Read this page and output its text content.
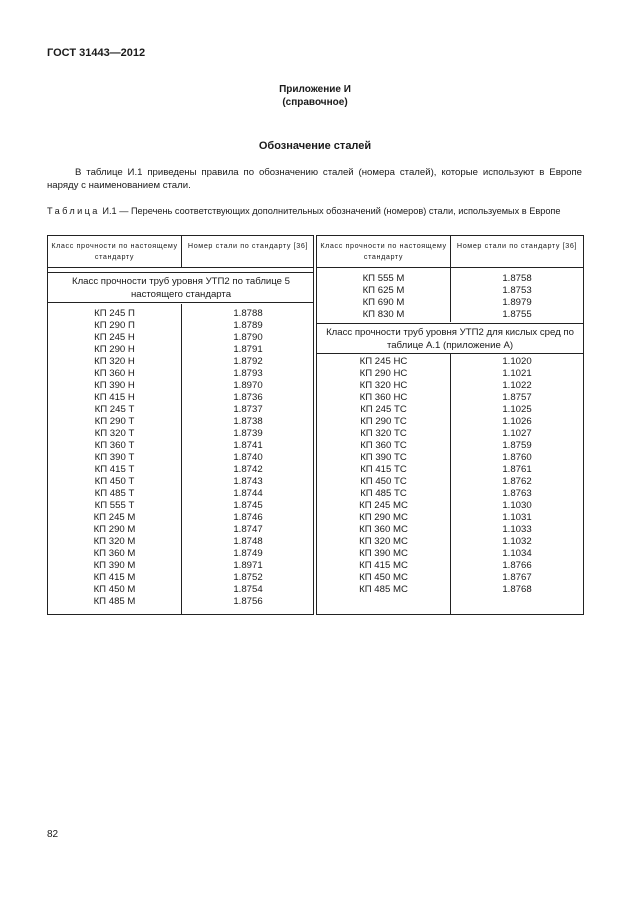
ГОСТ 31443—2012
Приложение И
(справочное)
Обозначение сталей

В таблице И.1 приведены правила по обозначению сталей (номера сталей), которые используют в Европе наряду с наименованием стали.

Таблица И.1 — Перечень соответствующих дополнительных обозначений (номеров) стали, используемых в Европе

Класс прочности по настоящему стандарту
Номер стали по стандарту [36]
Класс прочности труб уровня УТП2 по таблице 5 настоящего стандарта
КП 245 П	1.8788
КП 290 П	1.8789
КП 245 Н	1.8790
КП 290 Н	1.8791
КП 320 Н	1.8792
КП 360 Н	1.8793
КП 390 Н	1.8970
КП 415 Н	1.8736
КП 245 Т	1.8737
КП 290 Т	1.8738
КП 320 Т	1.8739
КП 360 Т	1.8741
КП 390 Т	1.8740
КП 415 Т	1.8742
КП 450 Т	1.8743
КП 485 Т	1.8744
КП 555 Т	1.8745
КП 245 М	1.8746
КП 290 М	1.8747
КП 320 М	1.8748
КП 360 М	1.8749
КП 390 М	1.8971
КП 415 М	1.8752
КП 450 М	1.8754
КП 485 М	1.8756
Класс прочности по настоящему стандарту
Номер стали по стандарту [36]
КП 555 М	1.8758
КП 625 М	1.8753
КП 690 М	1.8979
КП 830 М	1.8755
Класс прочности труб уровня УТП2 для кислых сред по таблице А.1 (приложение А)
КП 245 НС	1.1020
КП 290 НС	1.1021
КП 320 НС	1.1022
КП 360 НС	1.8757
КП 245 ТС	1.1025
КП 290 ТС	1.1026
КП 320 ТС	1.1027
КП 360 ТС	1.8759
КП 390 ТС	1.8760
КП 415 ТС	1.8761
КП 450 ТС	1.8762
КП 485 ТС	1.8763
КП 245 МС	1.1030
КП 290 МС	1.1031
КП 360 МС	1.1033
КП 320 МС	1.1032
КП 390 МС	1.1034
КП 415 МС	1.8766
КП 450 МС	1.8767
КП 485 МС	1.8768
82
